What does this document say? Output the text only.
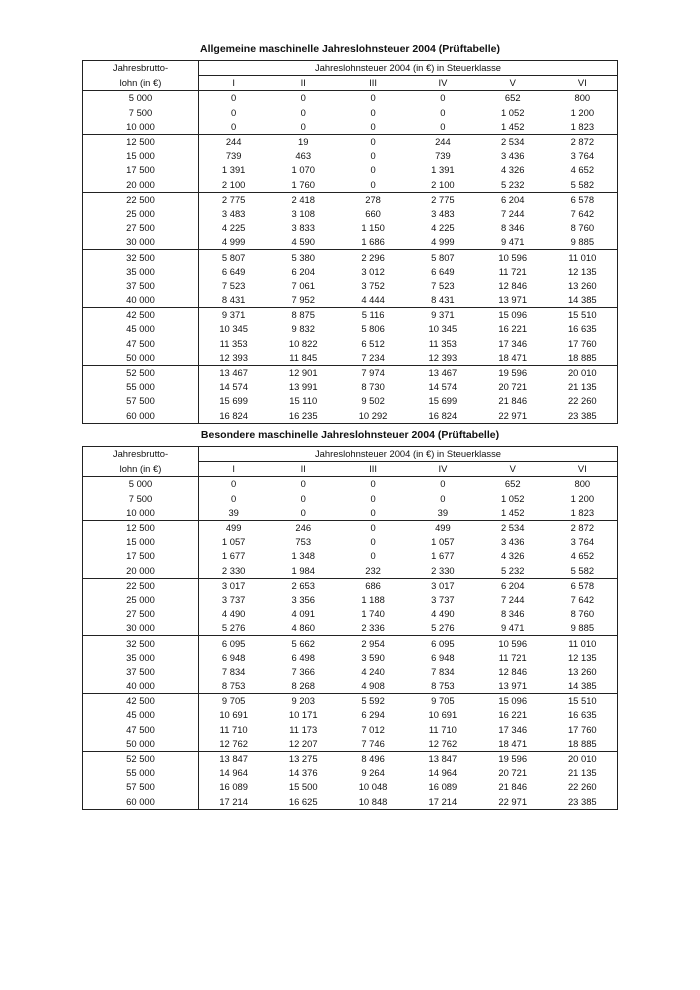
Allgemeine maschinelle Jahreslohnsteuer 2004 (Prüftabelle)
Jahresbrutto-	Jahreslohnsteuer 2004 (in €) in Steuerklasse					
lohn (in €)	I	II	III	IV	V	VI
5 000	0	0	0	0	652	800
7 500	0	0	0	0	1 052	1 200
10 000	0	0	0	0	1 452	1 823
12 500	244	19	0	244	2 534	2 872
15 000	739	463	0	739	3 436	3 764
17 500	1 391	1 070	0	1 391	4 326	4 652
20 000	2 100	1 760	0	2 100	5 232	5 582
22 500	2 775	2 418	278	2 775	6 204	6 578
25 000	3 483	3 108	660	3 483	7 244	7 642
27 500	4 225	3 833	1 150	4 225	8 346	8 760
30 000	4 999	4 590	1 686	4 999	9 471	9 885
32 500	5 807	5 380	2 296	5 807	10 596	11 010
35 000	6 649	6 204	3 012	6 649	11 721	12 135
37 500	7 523	7 061	3 752	7 523	12 846	13 260
40 000	8 431	7 952	4 444	8 431	13 971	14 385
42 500	9 371	8 875	5 116	9 371	15 096	15 510
45 000	10 345	9 832	5 806	10 345	16 221	16 635
47 500	11 353	10 822	6 512	11 353	17 346	17 760
50 000	12 393	11 845	7 234	12 393	18 471	18 885
52 500	13 467	12 901	7 974	13 467	19 596	20 010
55 000	14 574	13 991	8 730	14 574	20 721	21 135
57 500	15 699	15 110	9 502	15 699	21 846	22 260
60 000	16 824	16 235	10 292	16 824	22 971	23 385
Besondere maschinelle Jahreslohnsteuer 2004 (Prüftabelle)
Jahresbrutto-	Jahreslohnsteuer 2004 (in €) in Steuerklasse					
lohn (in €)	I	II	III	IV	V	VI
5 000	0	0	0	0	652	800
7 500	0	0	0	0	1 052	1 200
10 000	39	0	0	39	1 452	1 823
12 500	499	246	0	499	2 534	2 872
15 000	1 057	753	0	1 057	3 436	3 764
17 500	1 677	1 348	0	1 677	4 326	4 652
20 000	2 330	1 984	232	2 330	5 232	5 582
22 500	3 017	2 653	686	3 017	6 204	6 578
25 000	3 737	3 356	1 188	3 737	7 244	7 642
27 500	4 490	4 091	1 740	4 490	8 346	8 760
30 000	5 276	4 860	2 336	5 276	9 471	9 885
32 500	6 095	5 662	2 954	6 095	10 596	11 010
35 000	6 948	6 498	3 590	6 948	11 721	12 135
37 500	7 834	7 366	4 240	7 834	12 846	13 260
40 000	8 753	8 268	4 908	8 753	13 971	14 385
42 500	9 705	9 203	5 592	9 705	15 096	15 510
45 000	10 691	10 171	6 294	10 691	16 221	16 635
47 500	11 710	11 173	7 012	11 710	17 346	17 760
50 000	12 762	12 207	7 746	12 762	18 471	18 885
52 500	13 847	13 275	8 496	13 847	19 596	20 010
55 000	14 964	14 376	9 264	14 964	20 721	21 135
57 500	16 089	15 500	10 048	16 089	21 846	22 260
60 000	17 214	16 625	10 848	17 214	22 971	23 385
